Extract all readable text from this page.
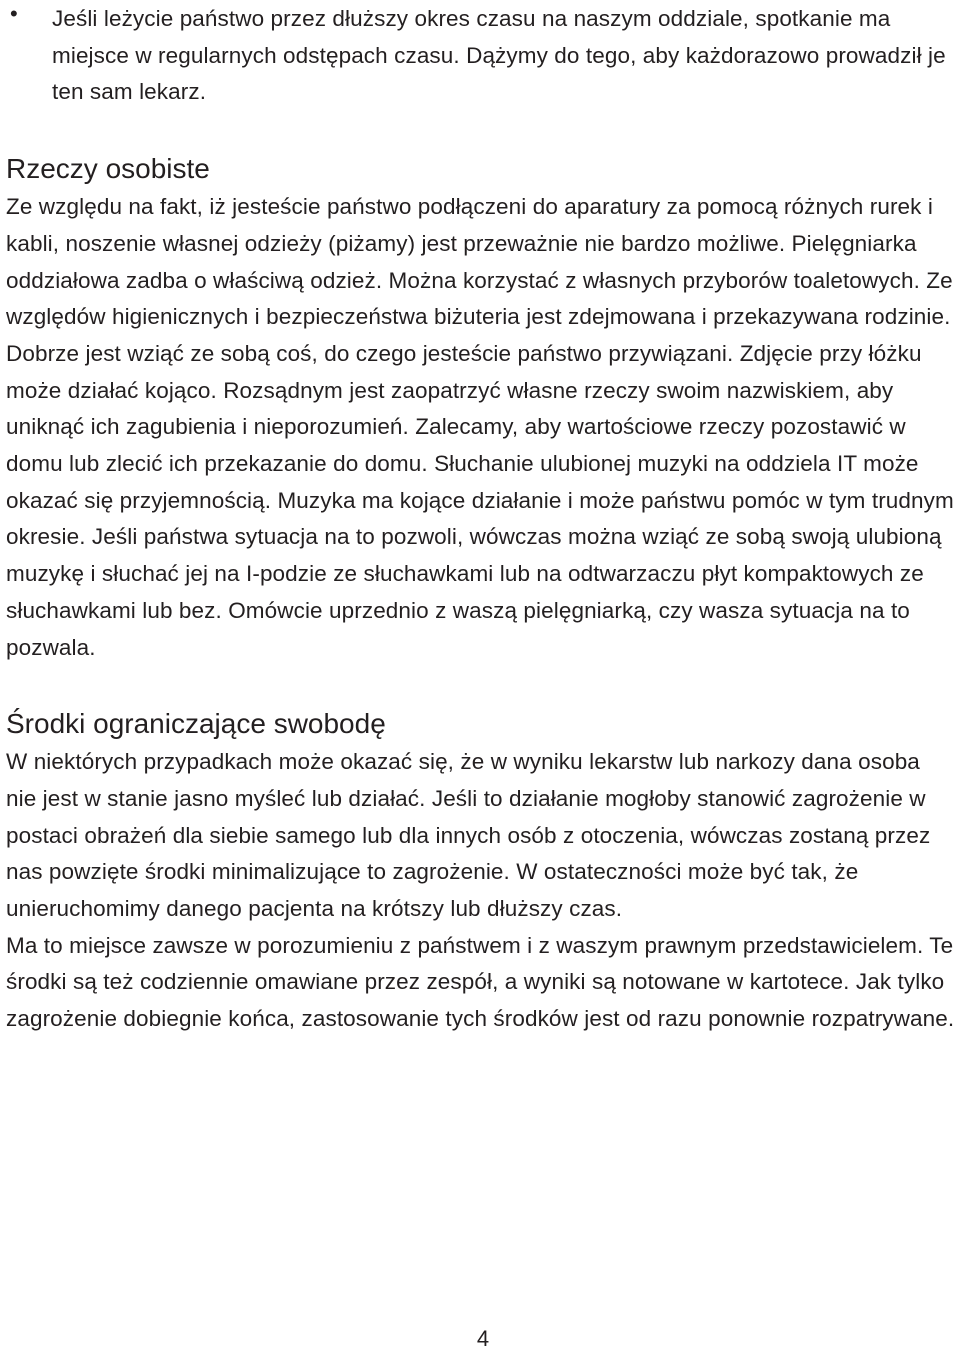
• Jeśli leżycie państwo przez dłuższy okres czasu na naszym oddziale, spotkanie ma miejsce w regularnych odstępach czasu. Dążymy do tego, aby każdorazowo prowadził je ten sam lekarz.

Rzeczy osobiste

Ze względu na fakt, iż jesteście państwo podłączeni do aparatury za pomocą różnych rurek i kabli, noszenie własnej odzieży (piżamy) jest przeważnie nie bardzo możliwe. Pielęgniarka oddziałowa zadba o właściwą odzież. Można korzystać z własnych przyborów toaletowych. Ze względów higienicznych i bezpieczeństwa biżuteria jest zdejmowana i przekazywana rodzinie. Dobrze jest wziąć ze sobą coś, do czego jesteście państwo przywiązani. Zdjęcie przy łóżku może działać kojąco. Rozsądnym jest zaopatrzyć własne rzeczy swoim nazwiskiem, aby uniknąć ich zagubienia i nieporozumień. Zalecamy, aby wartościowe rzeczy pozostawić w domu lub zlecić ich przekazanie do domu. Słuchanie ulubionej muzyki na oddziela IT może okazać się przyjemnością. Muzyka ma kojące działanie i może państwu pomóc w tym trudnym okresie. Jeśli państwa sytuacja na to pozwoli, wówczas można wziąć ze sobą swoją ulubioną muzykę i słuchać jej na I-podzie ze słuchawkami lub na odtwarzaczu płyt kompaktowych ze słuchawkami lub bez. Omówcie uprzednio z waszą pielęgniarką, czy wasza sytuacja na to pozwala.

Środki ograniczające swobodę

W niektórych przypadkach może okazać się, że w wyniku lekarstw lub narkozy dana osoba nie jest w stanie jasno myśleć lub działać. Jeśli to działanie mogłoby stanowić zagrożenie w postaci obrażeń dla siebie samego lub dla innych osób z otoczenia, wówczas zostaną przez nas powzięte środki minimalizujące to zagrożenie. W ostateczności może być tak, że unieruchomimy danego pacjenta na krótszy lub dłuższy czas.

Ma to miejsce zawsze w porozumieniu z państwem i z waszym prawnym przedstawicielem. Te środki są też codziennie omawiane przez zespół, a wyniki są notowane w kartotece. Jak tylko zagrożenie dobiegnie końca, zastosowanie tych środków jest od razu ponownie rozpatrywane.

4
